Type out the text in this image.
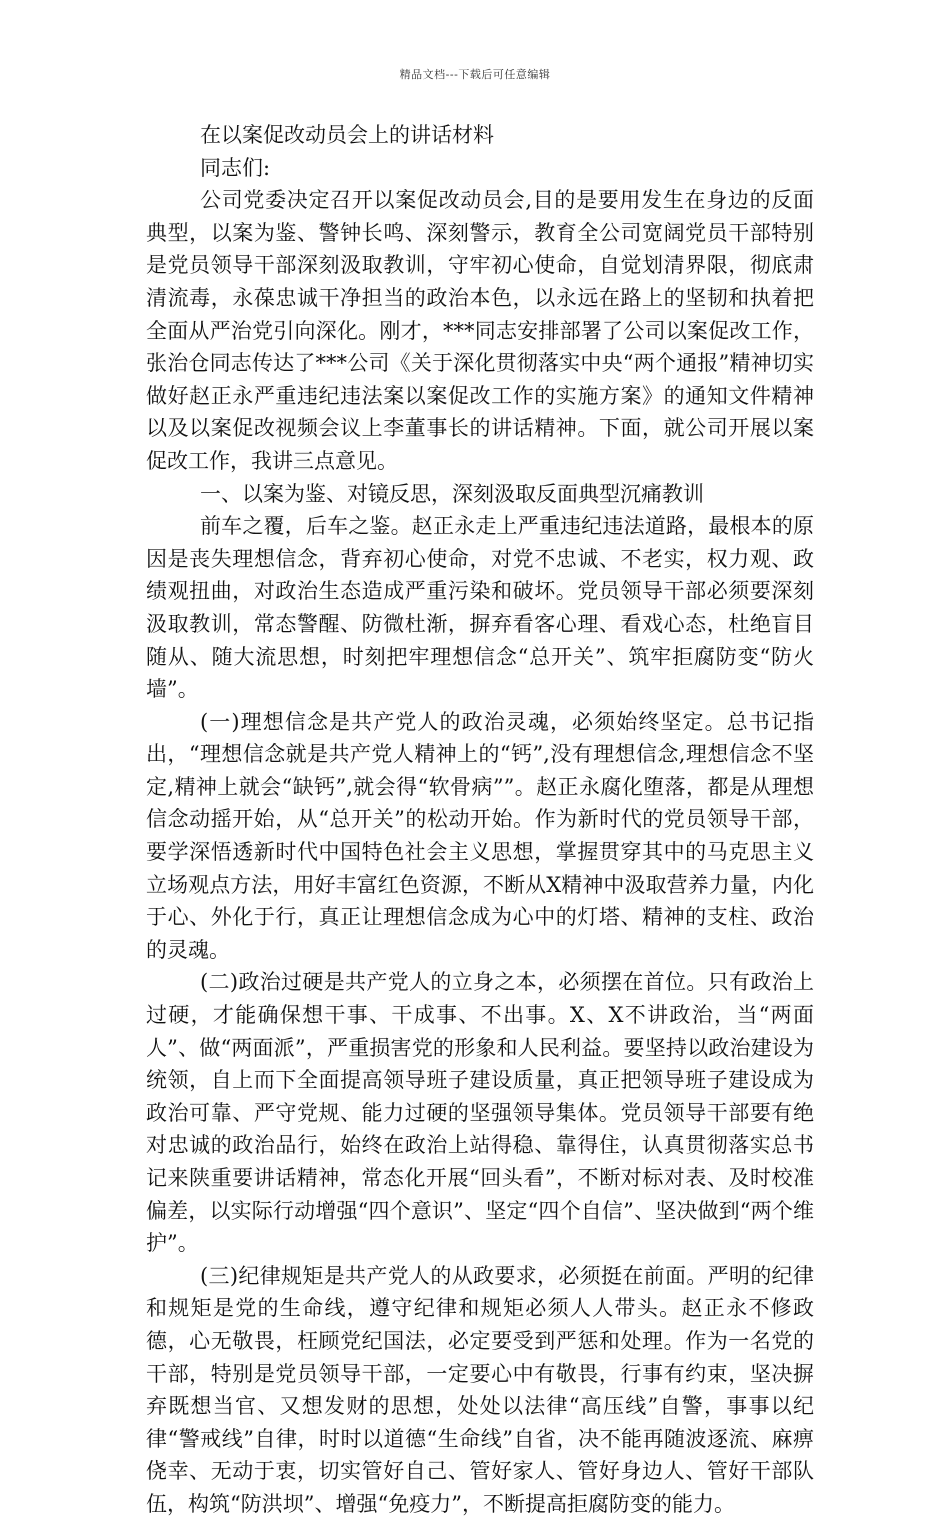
精品文档---下载后可任意编辑

在以案促改动员会上的讲话材料

同志们:

公司党委决定召开以案促改动员会,目的是要用发生在身边的反面典型，以案为鉴、警钟长鸣、深刻警示，教育全公司宽阔党员干部特别是党员领导干部深刻汲取教训，守牢初心使命，自觉划清界限，彻底肃清流毒，永葆忠诚干净担当的政治本色，以永远在路上的坚韧和执着把全面从严治党引向深化。刚才，***同志安排部署了公司以案促改工作，张治仓同志传达了***公司《关于深化贯彻落实中央“两个通报”精神切实做好赵正永严重违纪违法案以案促改工作的实施方案》的通知文件精神以及以案促改视频会议上李董事长的讲话精神。下面，就公司开展以案促改工作，我讲三点意见。

一、以案为鉴、对镜反思，深刻汲取反面典型沉痛教训

前车之覆，后车之鉴。赵正永走上严重违纪违法道路，最根本的原因是丧失理想信念，背弃初心使命，对党不忠诚、不老实，权力观、政绩观扭曲，对政治生态造成严重污染和破坏。党员领导干部必须要深刻汲取教训，常态警醒、防微杜渐，摒弃看客心理、看戏心态，杜绝盲目随从、随大流思想，时刻把牢理想信念“总开关”、筑牢拒腐防变“防火墙”。

(一)理想信念是共产党人的政治灵魂，必须始终坚定。总书记指出，“理想信念就是共产党人精神上的“钙”,没有理想信念,理想信念不坚定,精神上就会“缺钙”,就会得“软骨病””。赵正永腐化堕落，都是从理想信念动摇开始，从“总开关”的松动开始。作为新时代的党员领导干部，要学深悟透新时代中国特色社会主义思想，掌握贯穿其中的马克思主义立场观点方法，用好丰富红色资源，不断从X精神中汲取营养力量，内化于心、外化于行，真正让理想信念成为心中的灯塔、精神的支柱、政治的灵魂。

(二)政治过硬是共产党人的立身之本，必须摆在首位。只有政治上过硬，才能确保想干事、干成事、不出事。X、X不讲政治，当“两面人”、做“两面派”，严重损害党的形象和人民利益。要坚持以政治建设为统领，自上而下全面提高领导班子建设质量，真正把领导班子建设成为政治可靠、严守党规、能力过硬的坚强领导集体。党员领导干部要有绝对忠诚的政治品行，始终在政治上站得稳、靠得住，认真贯彻落实总书记来陕重要讲话精神，常态化开展“回头看”，不断对标对表、及时校准偏差，以实际行动增强“四个意识”、坚定“四个自信”、坚决做到“两个维护”。

(三)纪律规矩是共产党人的从政要求，必须挺在前面。严明的纪律和规矩是党的生命线，遵守纪律和规矩必须人人带头。赵正永不修政德，心无敬畏，枉顾党纪国法，必定要受到严惩和处理。作为一名党的干部，特别是党员领导干部，一定要心中有敬畏，行事有约束，坚决摒弃既想当官、又想发财的思想，处处以法律“高压线”自警，事事以纪律“警戒线”自律，时时以道德“生命线”自省，决不能再随波逐流、麻痹侥幸、无动于衷，切实管好自己、管好家人、管好身边人、管好干部队伍，构筑“防洪坝”、增强“免疫力”，不断提高拒腐防变的能力。
